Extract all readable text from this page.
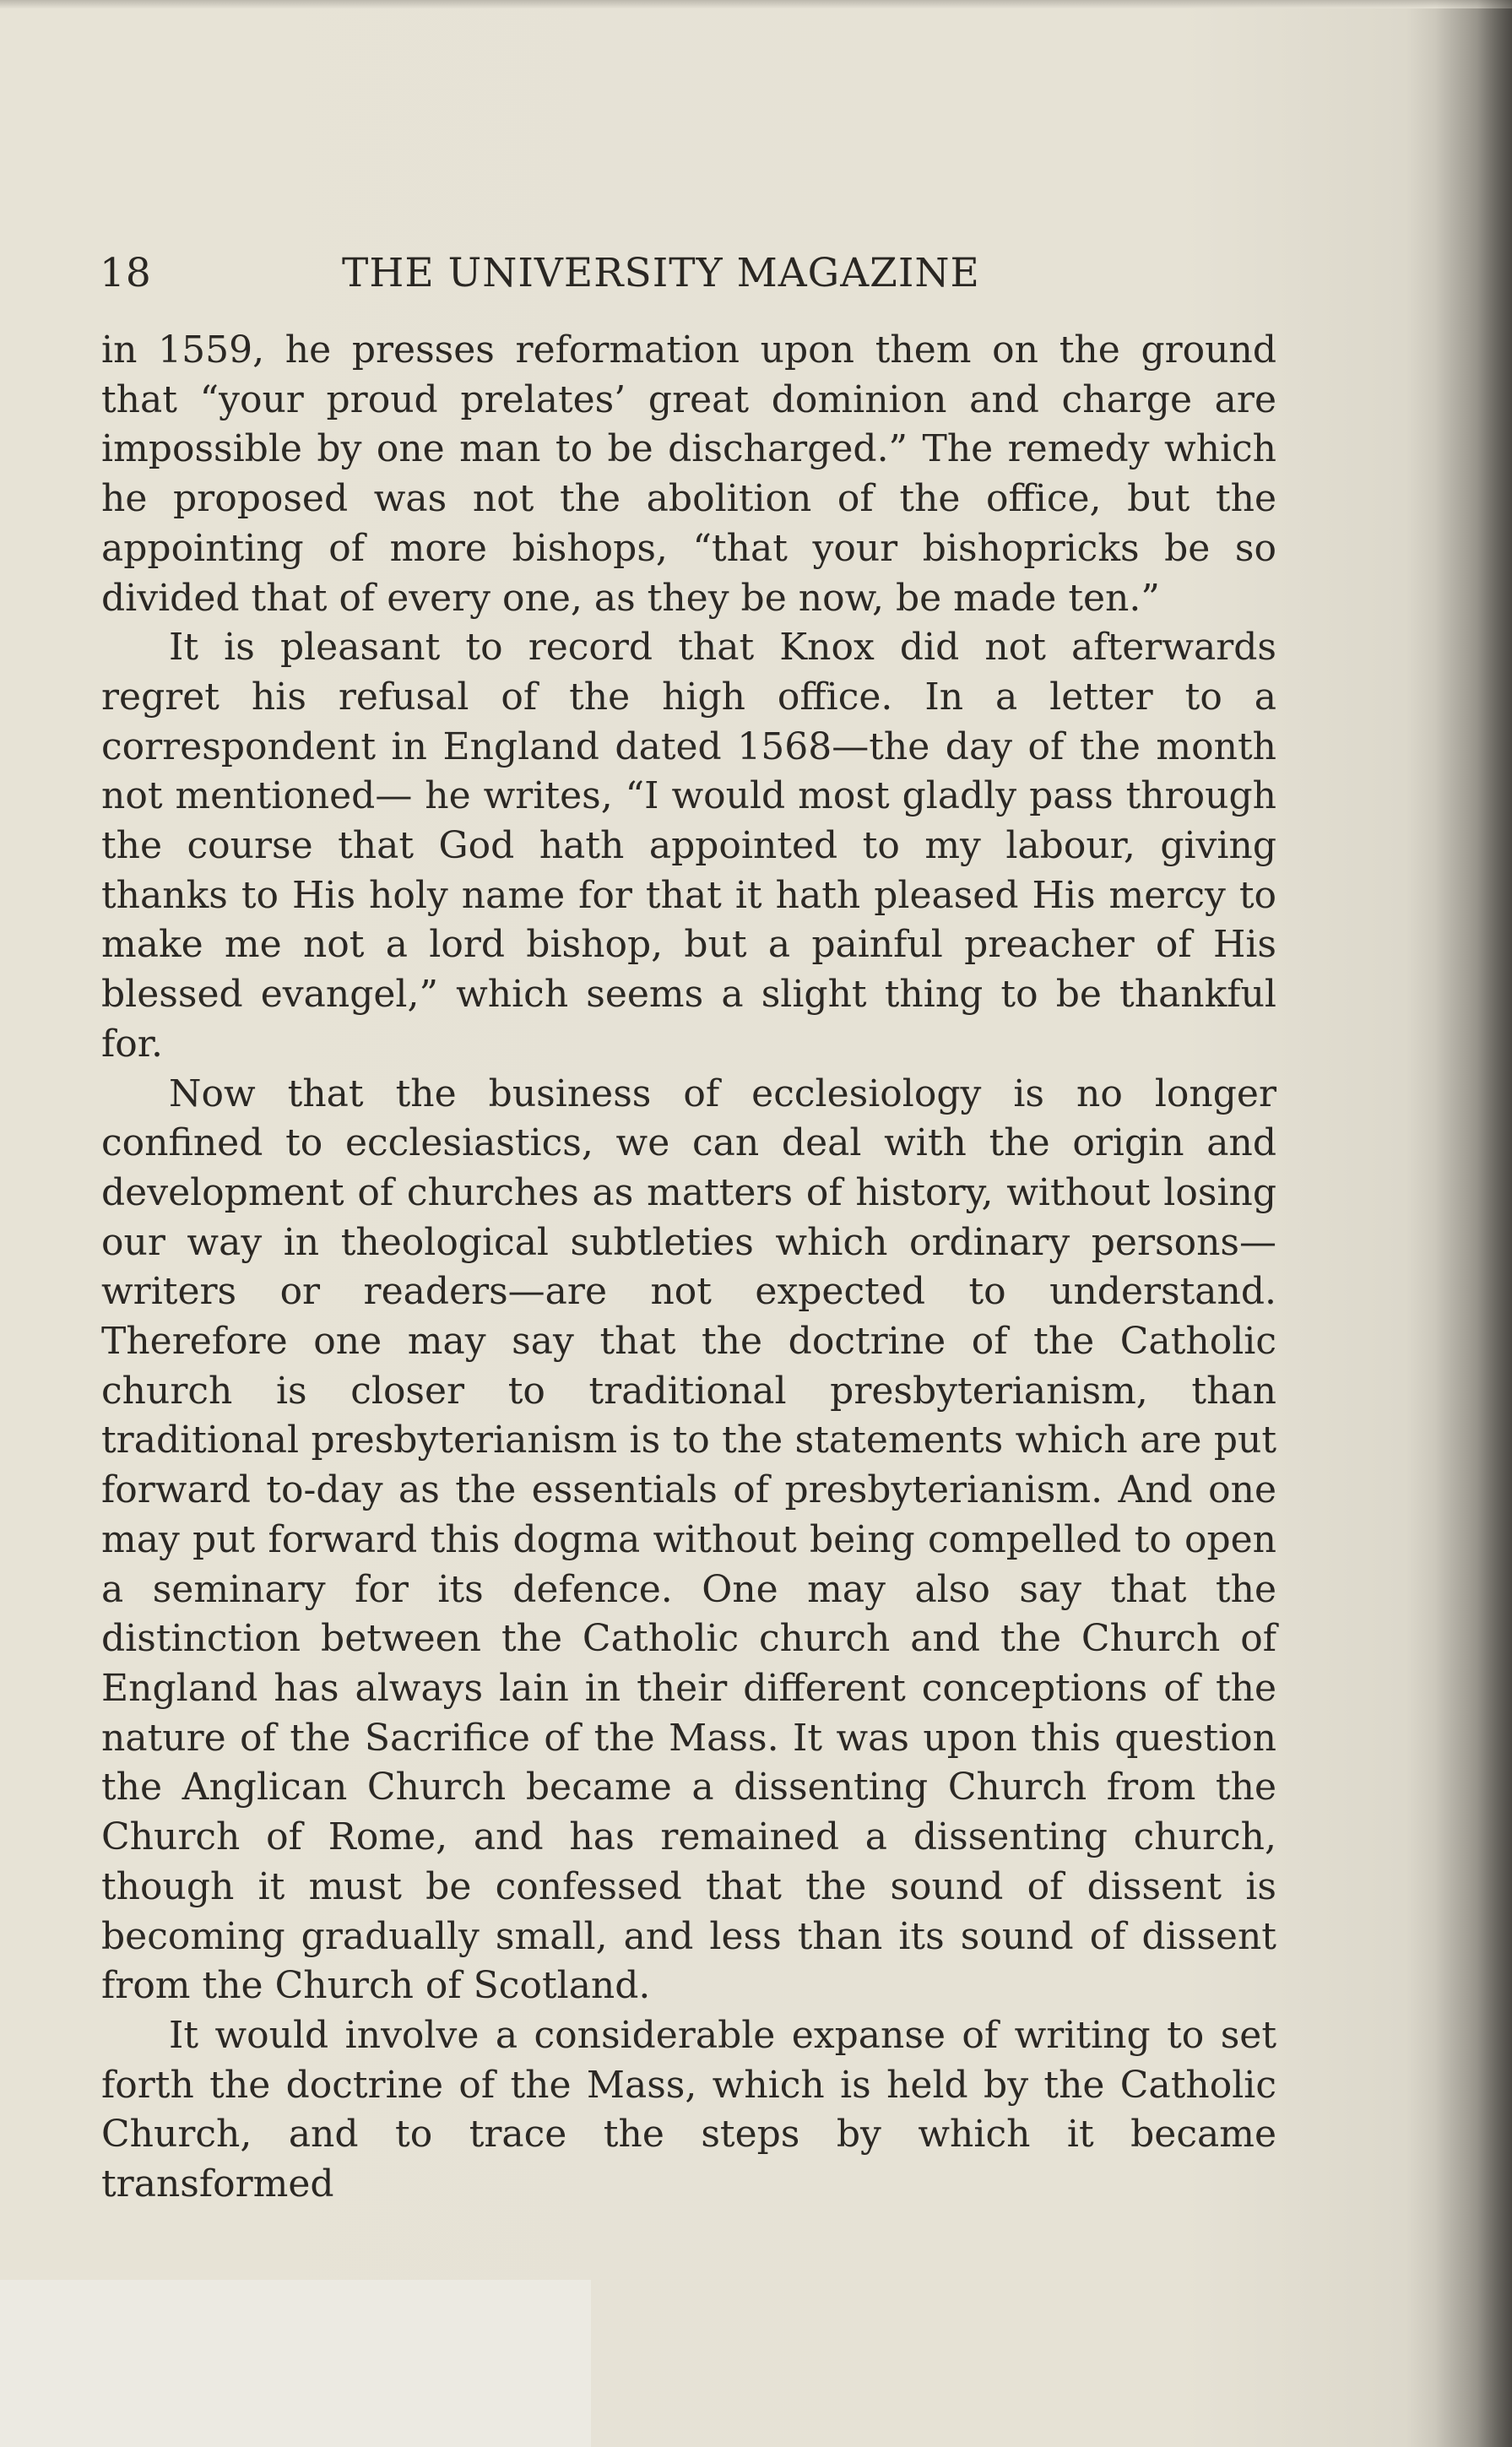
18	THE UNIVERSITY MAGAZINE

in 1559, he presses reformation upon them on the ground that “your proud prelates’ great dominion and charge are impossible by one man to be discharged.” The remedy which he proposed was not the abolition of the office, but the appointing of more bishops, “that your bishopricks be so divided that of every one, as they be now, be made ten.”

It is pleasant to record that Knox did not afterwards regret his refusal of the high office. In a letter to a correspondent in England dated 1568—the day of the month not mentioned— he writes, “I would most gladly pass through the course that God hath appointed to my labour, giving thanks to His holy name for that it hath pleased His mercy to make me not a lord bishop, but a painful preacher of His blessed evangel,” which seems a slight thing to be thankful for.

Now that the business of ecclesiology is no longer confined to ecclesiastics, we can deal with the origin and development of churches as matters of history, without losing our way in theological subtleties which ordinary persons—writers or readers—are not expected to understand. Therefore one may say that the doctrine of the Catholic church is closer to traditional presbyterianism, than traditional presbyterianism is to the statements which are put forward to-day as the essentials of presbyterianism. And one may put forward this dogma without being compelled to open a seminary for its defence. One may also say that the distinction between the Catholic church and the Church of England has always lain in their different conceptions of the nature of the Sacrifice of the Mass. It was upon this question the Anglican Church became a dissenting Church from the Church of Rome, and has remained a dissenting church, though it must be confessed that the sound of dissent is becoming gradually small, and less than its sound of dissent from the Church of Scotland.

It would involve a considerable expanse of writing to set forth the doctrine of the Mass, which is held by the Catholic Church, and to trace the steps by which it became transformed
